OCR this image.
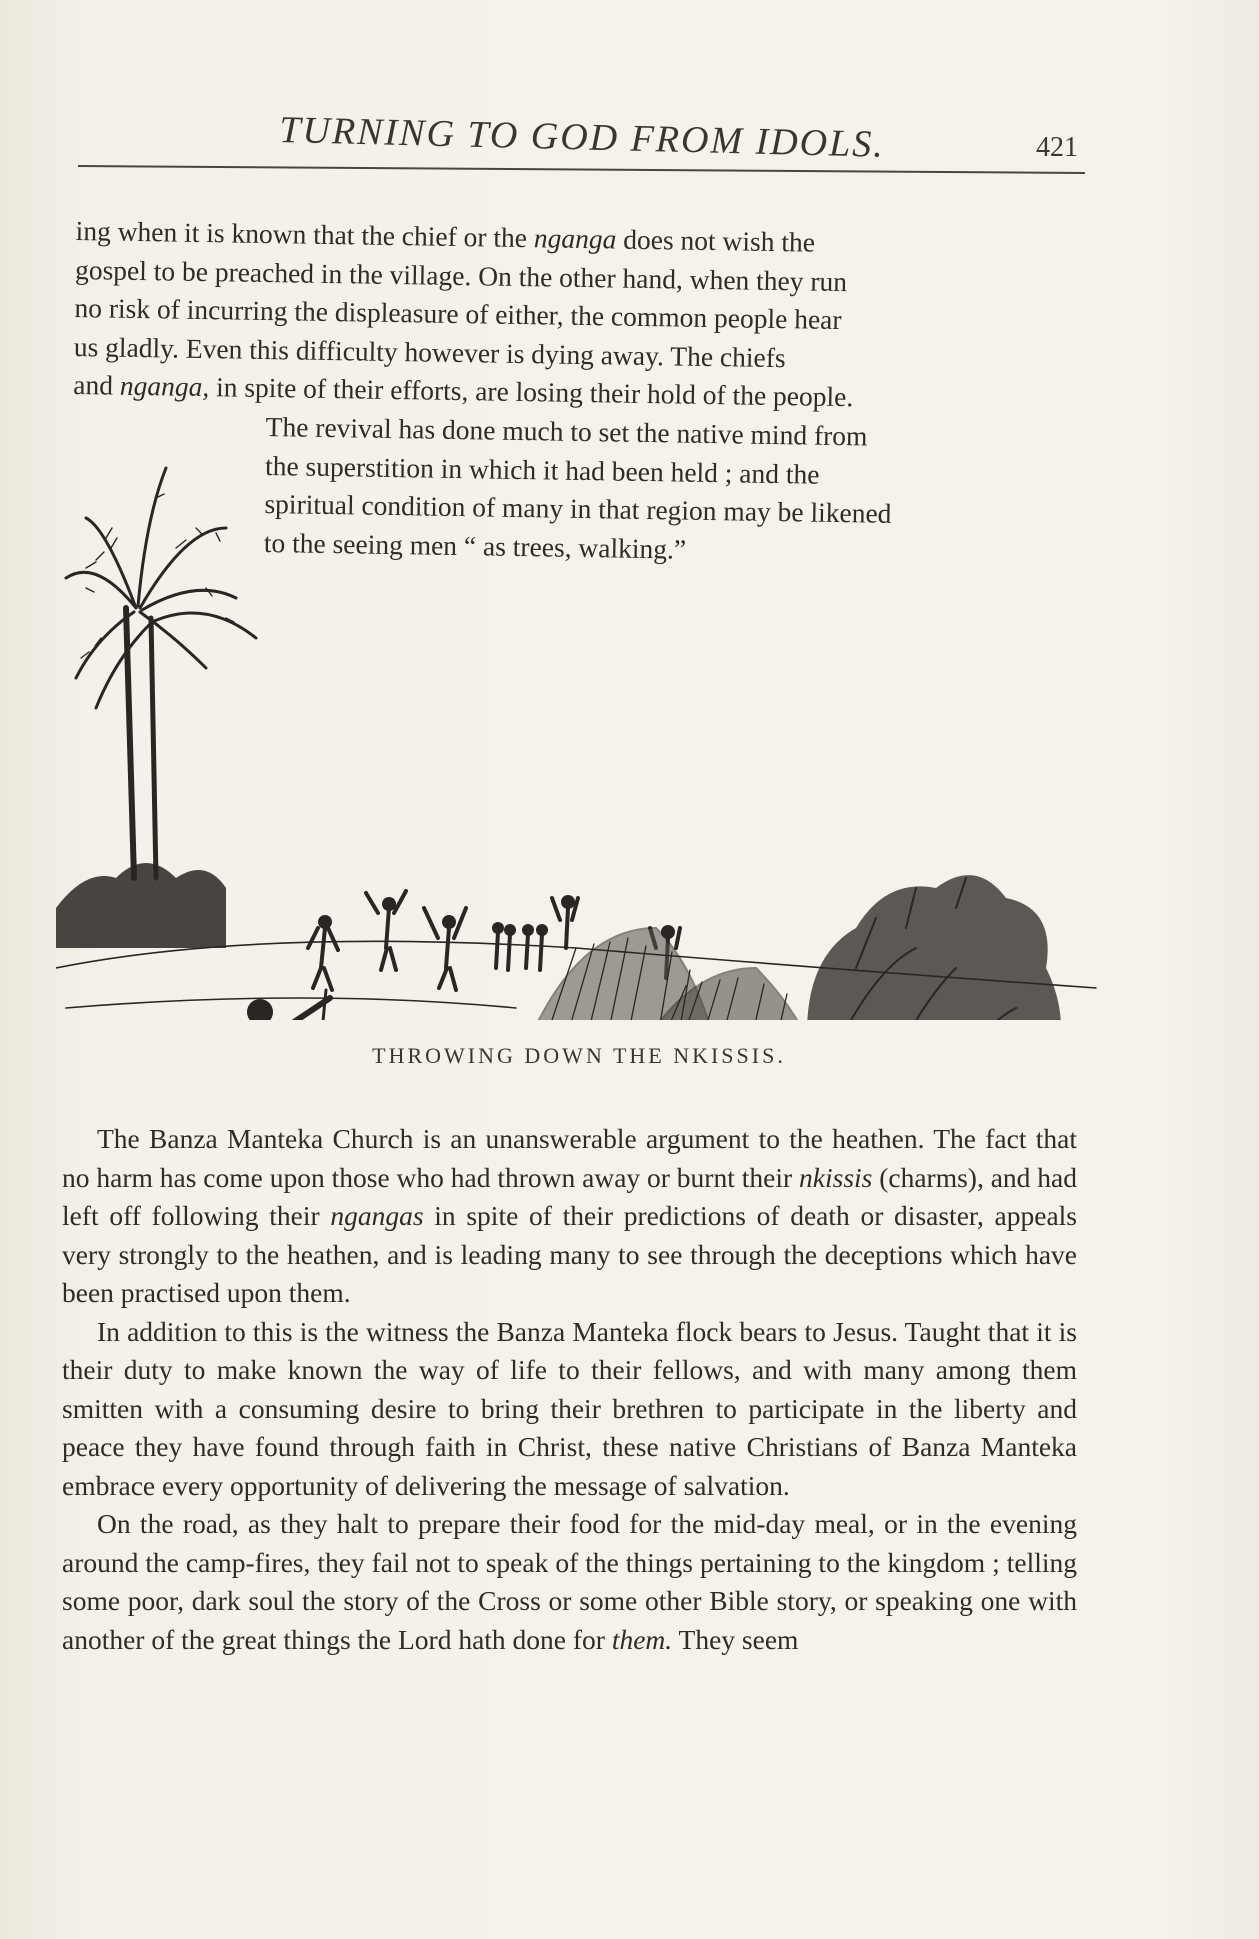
TURNING TO GOD FROM IDOLS.	421
ing when it is known that the chief or the nganga does not wish the
gospel to be preached in the village. On the other hand, when they run
no risk of incurring the displeasure of either, the common people hear
us gladly. Even this difficulty however is dying away. The chiefs
and nganga, in spite of their efforts, are losing their hold of the people.
The revival has done much to set the native mind from
the superstition in which it had been held ; and the
spiritual condition of many in that region may be likened
to the seeing men “ as trees, walking.”
THROWING DOWN THE NKISSIS.

The Banza Manteka Church is an unanswerable argument to the heathen. The fact that no harm has come upon those who had thrown away or burnt their nkissis (charms), and had left off following their ngangas in spite of their predictions of death or disaster, appeals very strongly to the heathen, and is leading many to see through the deceptions which have been practised upon them.

In addition to this is the witness the Banza Manteka flock bears to Jesus. Taught that it is their duty to make known the way of life to their fellows, and with many among them smitten with a consuming desire to bring their brethren to participate in the liberty and peace they have found through faith in Christ, these native Christians of Banza Manteka embrace every opportunity of delivering the message of salvation.

On the road, as they halt to prepare their food for the mid-day meal, or in the evening around the camp-fires, they fail not to speak of the things pertaining to the kingdom ; telling some poor, dark soul the story of the Cross or some other Bible story, or speaking one with another of the great things the Lord hath done for them. They seem
